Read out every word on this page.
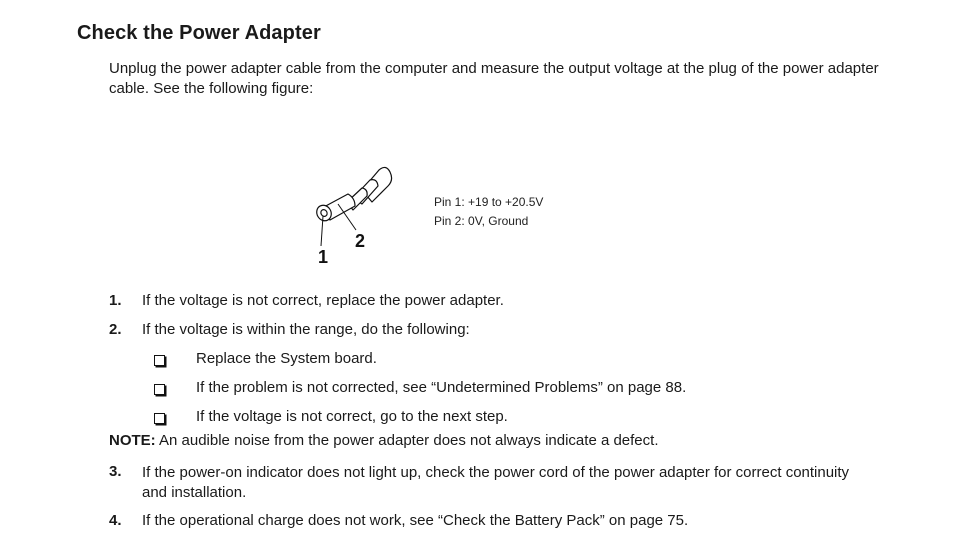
Check the Power Adapter
Unplug the power adapter cable from the computer and measure the output voltage at the plug of the power adapter cable. See the following figure:
1
2
Pin 1: +19 to +20.5V
Pin 2: 0V, Ground
1. If the voltage is not correct, replace the power adapter.
2. If the voltage is within the range, do the following:
Replace the System board.
If the problem is not corrected, see “Undetermined Problems” on page 88.
If the voltage is not correct, go to the next step.
NOTE: An audible noise from the power adapter does not always indicate a defect.
3. If the power-on indicator does not light up, check the power cord of the power adapter for correct continuity and installation.
4. If the operational charge does not work, see “Check the Battery Pack” on page 75.
